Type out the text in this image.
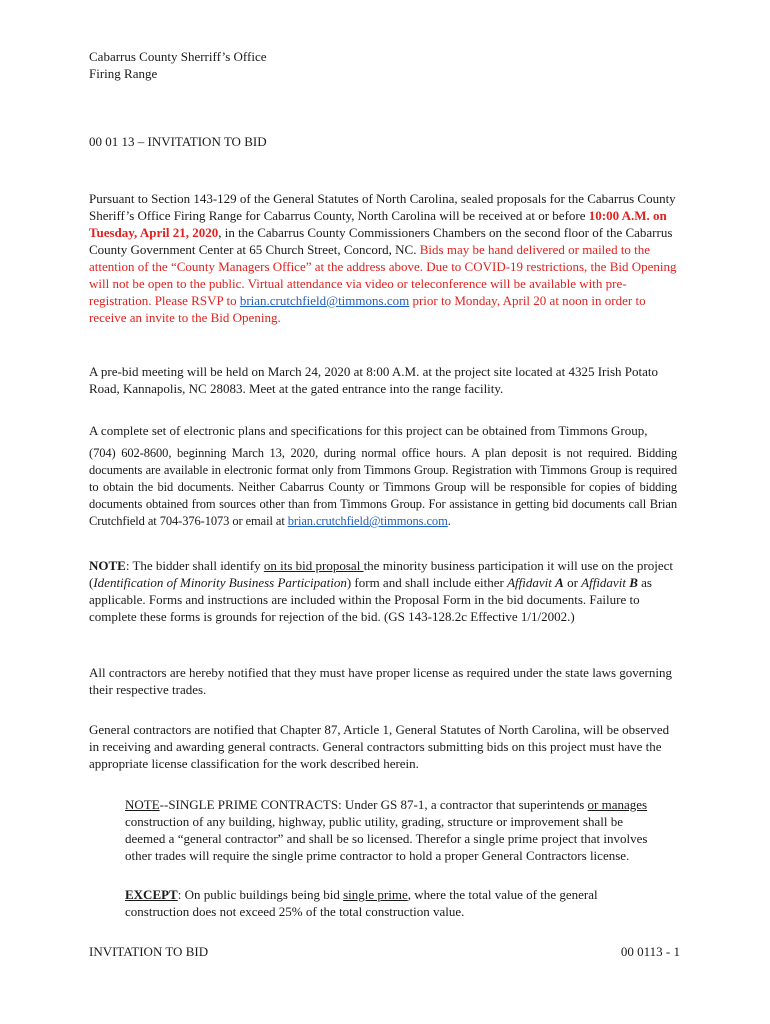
Cabarrus County Sherriff’s Office

Firing Range

00 01 13 – INVITATION TO BID

Pursuant to Section 143-129 of the General Statutes of North Carolina, sealed proposals for the Cabarrus County Sheriff’s Office Firing Range for Cabarrus County, North Carolina will be received at or before 10:00 A.M. on Tuesday, April 21, 2020, in the Cabarrus County Commissioners Chambers on the second floor of the Cabarrus County Government Center at 65 Church Street, Concord, NC. Bids may be hand delivered or mailed to the attention of the “County Managers Office” at the address above. Due to COVID-19 restrictions, the Bid Opening will not be open to the public. Virtual attendance via video or teleconference will be available with pre-registration. Please RSVP to brian.crutchfield@timmons.com prior to Monday, April 20 at noon in order to receive an invite to the Bid Opening.

A pre-bid meeting will be held on March 24, 2020 at 8:00 A.M. at the project site located at 4325 Irish Potato Road, Kannapolis, NC 28083. Meet at the gated entrance into the range facility.

A complete set of electronic plans and specifications for this project can be obtained from Timmons Group,

(704) 602-8600, beginning March 13, 2020, during normal office hours. A plan deposit is not required. Bidding documents are available in electronic format only from Timmons Group. Registration with Timmons Group is required to obtain the bid documents. Neither Cabarrus County or Timmons Group will be responsible for copies of bidding documents obtained from sources other than from Timmons Group. For assistance in getting bid documents call Brian Crutchfield at 704-376-1073 or email at brian.crutchfield@timmons.com.

NOTE: The bidder shall identify on its bid proposal the minority business participation it will use on the project (Identification of Minority Business Participation) form and shall include either Affidavit A or Affidavit B as applicable. Forms and instructions are included within the Proposal Form in the bid documents. Failure to complete these forms is grounds for rejection of the bid. (GS 143-128.2c Effective 1/1/2002.)

All contractors are hereby notified that they must have proper license as required under the state laws governing their respective trades.

General contractors are notified that Chapter 87, Article 1, General Statutes of North Carolina, will be observed in receiving and awarding general contracts. General contractors submitting bids on this project must have the appropriate license classification for the work described herein.

NOTE--SINGLE PRIME CONTRACTS: Under GS 87-1, a contractor that superintends or manages construction of any building, highway, public utility, grading, structure or improvement shall be deemed a “general contractor” and shall be so licensed. Therefor a single prime project that involves other trades will require the single prime contractor to hold a proper General Contractors license.

EXCEPT: On public buildings being bid single prime, where the total value of the general construction does not exceed 25% of the total construction value.

INVITATION TO BID	00 0113 - 1
